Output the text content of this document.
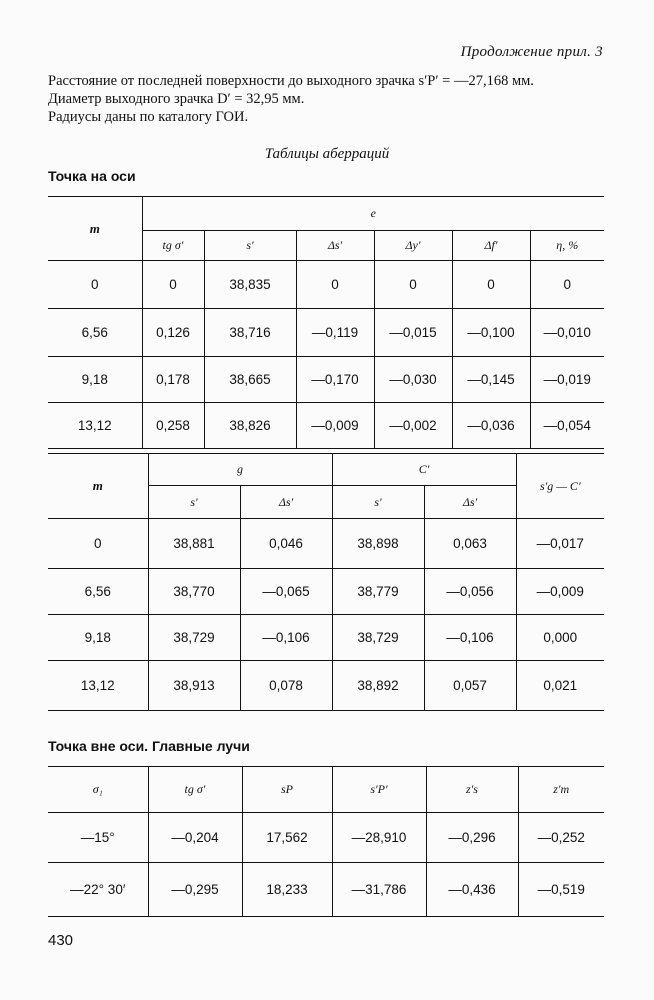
Продолжение прил. 3
Расстояние от последней поверхности до выходного зрачка s′P′ = —27,168 мм.
Диаметр выходного зрачка D′ = 32,95 мм.
Радиусы даны по каталогу ГОИ.
Таблицы аберраций
Точка на оси
m	e					
	tg σ′	s′	Δs′	Δy′	Δf′	η, %
0	0	38,835	0	0	0	0
6,56	0,126	38,716	—0,119	—0,015	—0,100	—0,010
9,18	0,178	38,665	—0,170	—0,030	—0,145	—0,019
13,12	0,258	38,826	—0,009	—0,002	—0,036	—0,054
m	g		C′		s′g — C′
	s′	Δs′	s′	Δs′	
0	38,881	0,046	38,898	0,063	—0,017
6,56	38,770	—0,065	38,779	—0,056	—0,009
9,18	38,729	—0,106	38,729	—0,106	0,000
13,12	38,913	0,078	38,892	0,057	0,021
Точка вне оси. Главные лучи
σ₁	tg σ′	sP	s′P′	z′s	z′m
—15°	—0,204	17,562	—28,910	—0,296	—0,252
—22° 30′	—0,295	18,233	—31,786	—0,436	—0,519
430
